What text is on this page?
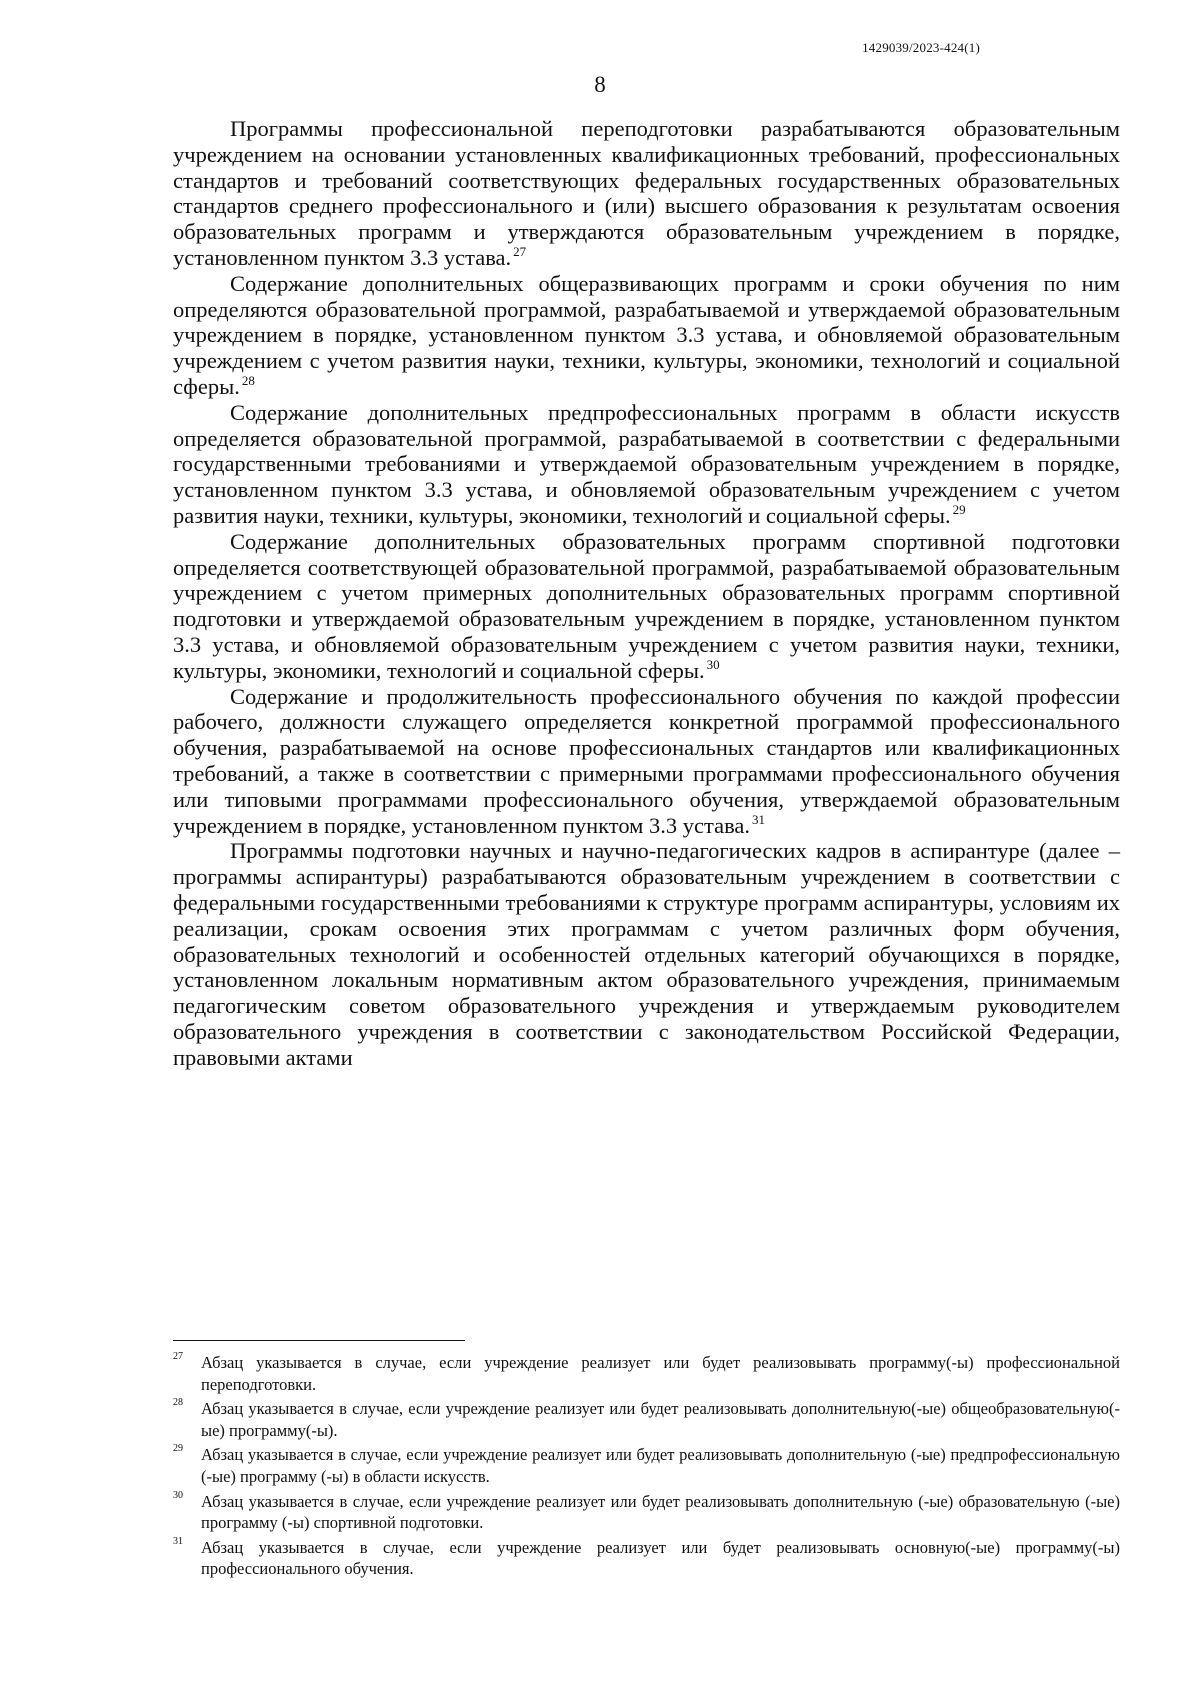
1429039/2023-424(1)
8

Программы профессиональной переподготовки разрабатываются образовательным учреждением на основании установленных квалификационных требований, профессиональных стандартов и требований соответствующих федеральных государственных образовательных стандартов среднего профессионального и (или) высшего образования к результатам освоения образовательных программ и утверждаются образовательным учреждением в порядке, установленном пунктом 3.3 устава. $^{27}$

Содержание дополнительных общеразвивающих программ и сроки обучения по ним определяются образовательной программой, разрабатываемой и утверждаемой образовательным учреждением в порядке, установленном пунктом 3.3 устава, и обновляемой образовательным учреждением с учетом развития науки, техники, культуры, экономики, технологий и социальной сферы. $^{28}$

Содержание дополнительных предпрофессиональных программ в области искусств определяется образовательной программой, разрабатываемой в соответствии с федеральными государственными требованиями и утверждаемой образовательным учреждением в порядке, установленном пунктом 3.3 устава, и обновляемой образовательным учреждением с учетом развития науки, техники, культуры, экономики, технологий и социальной сферы. $^{29}$

Содержание дополнительных образовательных программ спортивной подготовки определяется соответствующей образовательной программой, разрабатываемой образовательным учреждением с учетом примерных дополнительных образовательных программ спортивной подготовки и утверждаемой образовательным учреждением в порядке, установленном пунктом 3.3 устава, и обновляемой образовательным учреждением с учетом развития науки, техники, культуры, экономики, технологий и социальной сферы. $^{30}$

Содержание и продолжительность профессионального обучения по каждой профессии рабочего, должности служащего определяется конкретной программой профессионального обучения, разрабатываемой на основе профессиональных стандартов или квалификационных требований, а также в соответствии с примерными программами профессионального обучения или типовыми программами профессионального обучения, утверждаемой образовательным учреждением в порядке, установленном пунктом 3.3 устава. $^{31}$

Программы подготовки научных и научно-педагогических кадров в аспирантуре (далее – программы аспирантуры) разрабатываются образовательным учреждением в соответствии с федеральными государственными требованиями к структуре программ аспирантуры, условиям их реализации, срокам освоения этих программам с учетом различных форм обучения, образовательных технологий и особенностей отдельных категорий обучающихся в порядке, установленном локальным нормативным актом образовательного учреждения, принимаемым педагогическим советом образовательного учреждения и утверждаемым руководителем образовательного учреждения в соответствии с законодательством Российской Федерации, правовыми актами

27	Абзац указывается в случае, если учреждение реализует или будет реализовывать программу(-ы) профессиональной переподготовки.
28	Абзац указывается в случае, если учреждение реализует или будет реализовывать дополнительную(-ые) общеобразовательную(-ые) программу(-ы).
29	Абзац указывается в случае, если учреждение реализует или будет реализовывать дополнительную (-ые) предпрофессиональную (-ые) программу (-ы) в области искусств.
30	Абзац указывается в случае, если учреждение реализует или будет реализовывать дополнительную (-ые) образовательную (-ые) программу (-ы) спортивной подготовки.
31	Абзац указывается в случае, если учреждение реализует или будет реализовывать основную(-ые) программу(-ы) профессионального обучения.
